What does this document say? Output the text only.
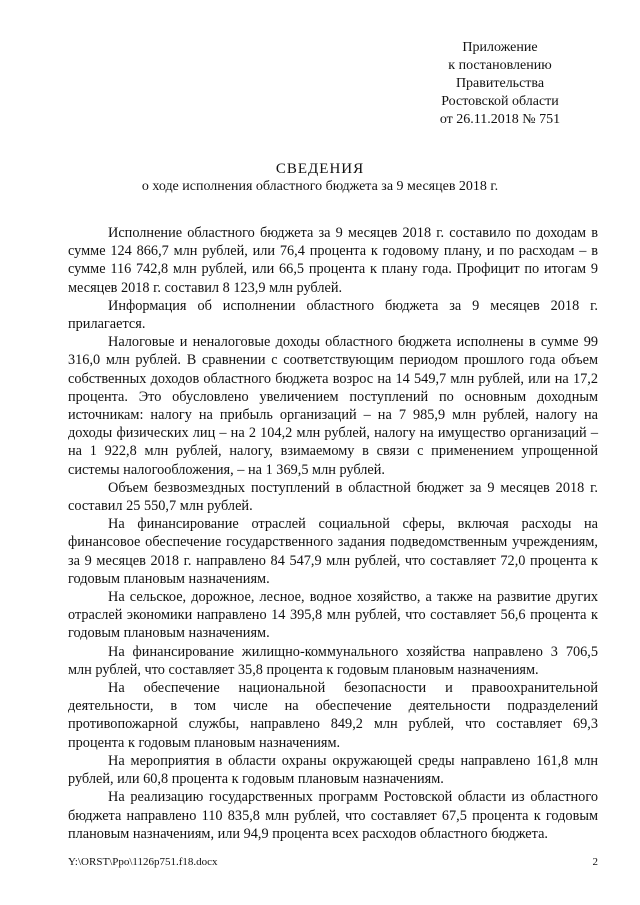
Приложение
к постановлению
Правительства
Ростовской области
от 26.11.2018 № 751
СВЕДЕНИЯ
о ходе исполнения областного бюджета за 9 месяцев 2018 г.

Исполнение областного бюджета за 9 месяцев 2018 г. составило по доходам в сумме 124 866,7 млн рублей, или 76,4 процента к годовому плану, и по расходам – в сумме 116 742,8 млн рублей, или 66,5 процента к плану года. Профицит по итогам 9 месяцев 2018 г. составил 8 123,9 млн рублей.

Информация об исполнении областного бюджета за 9 месяцев 2018 г. прилагается.

Налоговые и неналоговые доходы областного бюджета исполнены в сумме 99 316,0 млн рублей. В сравнении с соответствующим периодом прошлого года объем собственных доходов областного бюджета возрос на 14 549,7 млн рублей, или на 17,2 процента. Это обусловлено увеличением поступлений по основным доходным источникам: налогу на прибыль организаций – на 7 985,9 млн рублей, налогу на доходы физических лиц – на 2 104,2 млн рублей, налогу на имущество организаций – на 1 922,8 млн рублей, налогу, взимаемому в связи с применением упрощенной системы налогообложения, – на 1 369,5 млн рублей.

Объем безвозмездных поступлений в областной бюджет за 9 месяцев 2018 г. составил 25 550,7 млн рублей.

На финансирование отраслей социальной сферы, включая расходы на финансовое обеспечение государственного задания подведомственным учреждениям, за 9 месяцев 2018 г. направлено 84 547,9 млн рублей, что составляет 72,0 процента к годовым плановым назначениям.

На сельское, дорожное, лесное, водное хозяйство, а также на развитие других отраслей экономики направлено 14 395,8 млн рублей, что составляет 56,6 процента к годовым плановым назначениям.

На финансирование жилищно-коммунального хозяйства направлено 3 706,5 млн рублей, что составляет 35,8 процента к годовым плановым назначениям.

На обеспечение национальной безопасности и правоохранительной деятельности, в том числе на обеспечение деятельности подразделений противопожарной службы, направлено 849,2 млн рублей, что составляет 69,3 процента к годовым плановым назначениям.

На мероприятия в области охраны окружающей среды направлено 161,8 млн рублей, или 60,8 процента к годовым плановым назначениям.

На реализацию государственных программ Ростовской области из областного бюджета направлено 110 835,8 млн рублей, что составляет 67,5 процента к годовым плановым назначениям, или 94,9 процента всех расходов областного бюджета.

Y:\ORST\Ppo\1126p751.f18.docx	2
